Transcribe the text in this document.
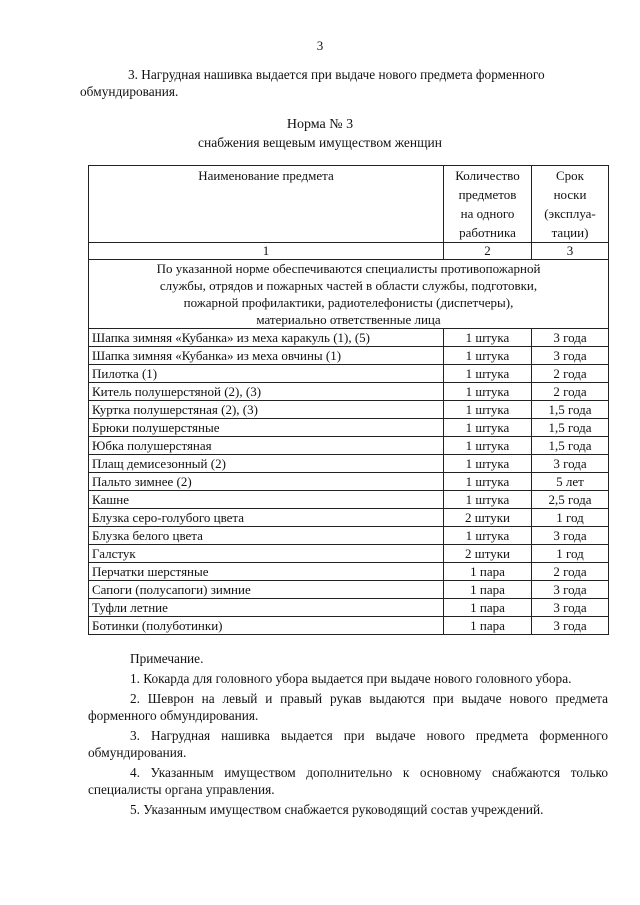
3
3. Нагрудная нашивка выдается при выдаче нового предмета форменного
обмундирования.
Норма № 3
снабжения вещевым имуществом женщин
Наименование предмета	Количество
предметов
на одного
работника	Срок
носки
(эксплуа-
тации)
1	2	3
По указанной норме обеспечиваются специалисты противопожарной
службы, отрядов и пожарных частей в области службы, подготовки,
пожарной профилактики, радиотелефонисты (диспетчеры),
материально ответственные лица		
Шапка зимняя «Кубанка» из меха каракуль (1), (5)	1 штука	3 года
Шапка зимняя «Кубанка» из меха овчины (1)	1 штука	3 года
Пилотка (1)	1 штука	2 года
Китель полушерстяной (2), (3)	1 штука	2 года
Куртка полушерстяная (2), (3)	1 штука	1,5 года
Брюки полушерстяные	1 штука	1,5 года
Юбка полушерстяная	1 штука	1,5 года
Плащ демисезонный (2)	1 штука	3 года
Пальто зимнее (2)	1 штука	5 лет
Кашне	1 штука	2,5 года
Блузка серо-голубого цвета	2 штуки	1 год
Блузка белого цвета	1 штука	3 года
Галстук	2 штуки	1 год
Перчатки шерстяные	1 пара	2 года
Сапоги (полусапоги) зимние	1 пара	3 года
Туфли летние	1 пара	3 года
Ботинки (полуботинки)	1 пара	3 года
Примечание.
1. Кокарда для головного убора выдается при выдаче нового головного убора.
2. Шеврон на левый и правый рукав выдаются при выдаче нового предмета форменного обмундирования.
3. Нагрудная нашивка выдается при выдаче нового предмета форменного обмундирования.
4. Указанным имуществом дополнительно к основному снабжаются только специалисты органа управления.
5. Указанным имуществом снабжается руководящий состав учреждений.
